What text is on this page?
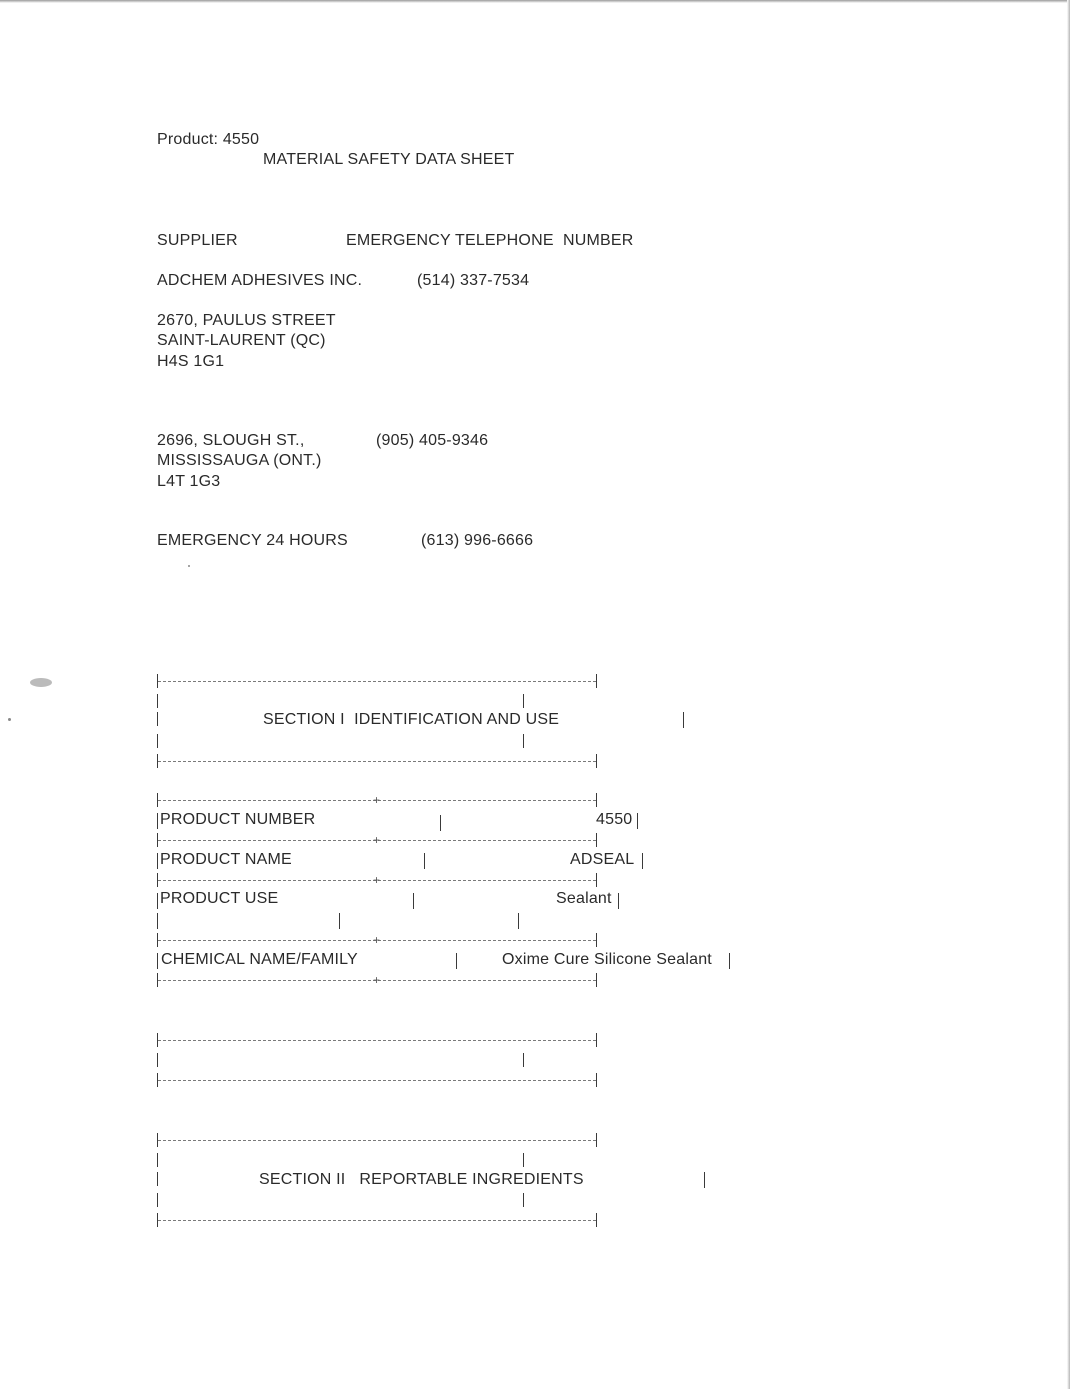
Product: 4550
MATERIAL SAFETY DATA SHEET
SUPPLIER	EMERGENCY TELEPHONE  NUMBER
ADCHEM ADHESIVES INC.	(514) 337-7534
2670, PAULUS STREET
SAINT-LAURENT (QC)
H4S 1G1
2696, SLOUGH ST.,	(905) 405-9346
MISSISSAUGA (ONT.)
L4T 1G3
EMERGENCY 24 HOURS	(613) 996-6666
SECTION I  IDENTIFICATION AND USE
+
+
+
+
+
PRODUCT NUMBER	4550
PRODUCT NAME	ADSEAL
PRODUCT USE	Sealant
CHEMICAL NAME/FAMILY	Oxime Cure Silicone Sealant
SECTION II   REPORTABLE INGREDIENTS
